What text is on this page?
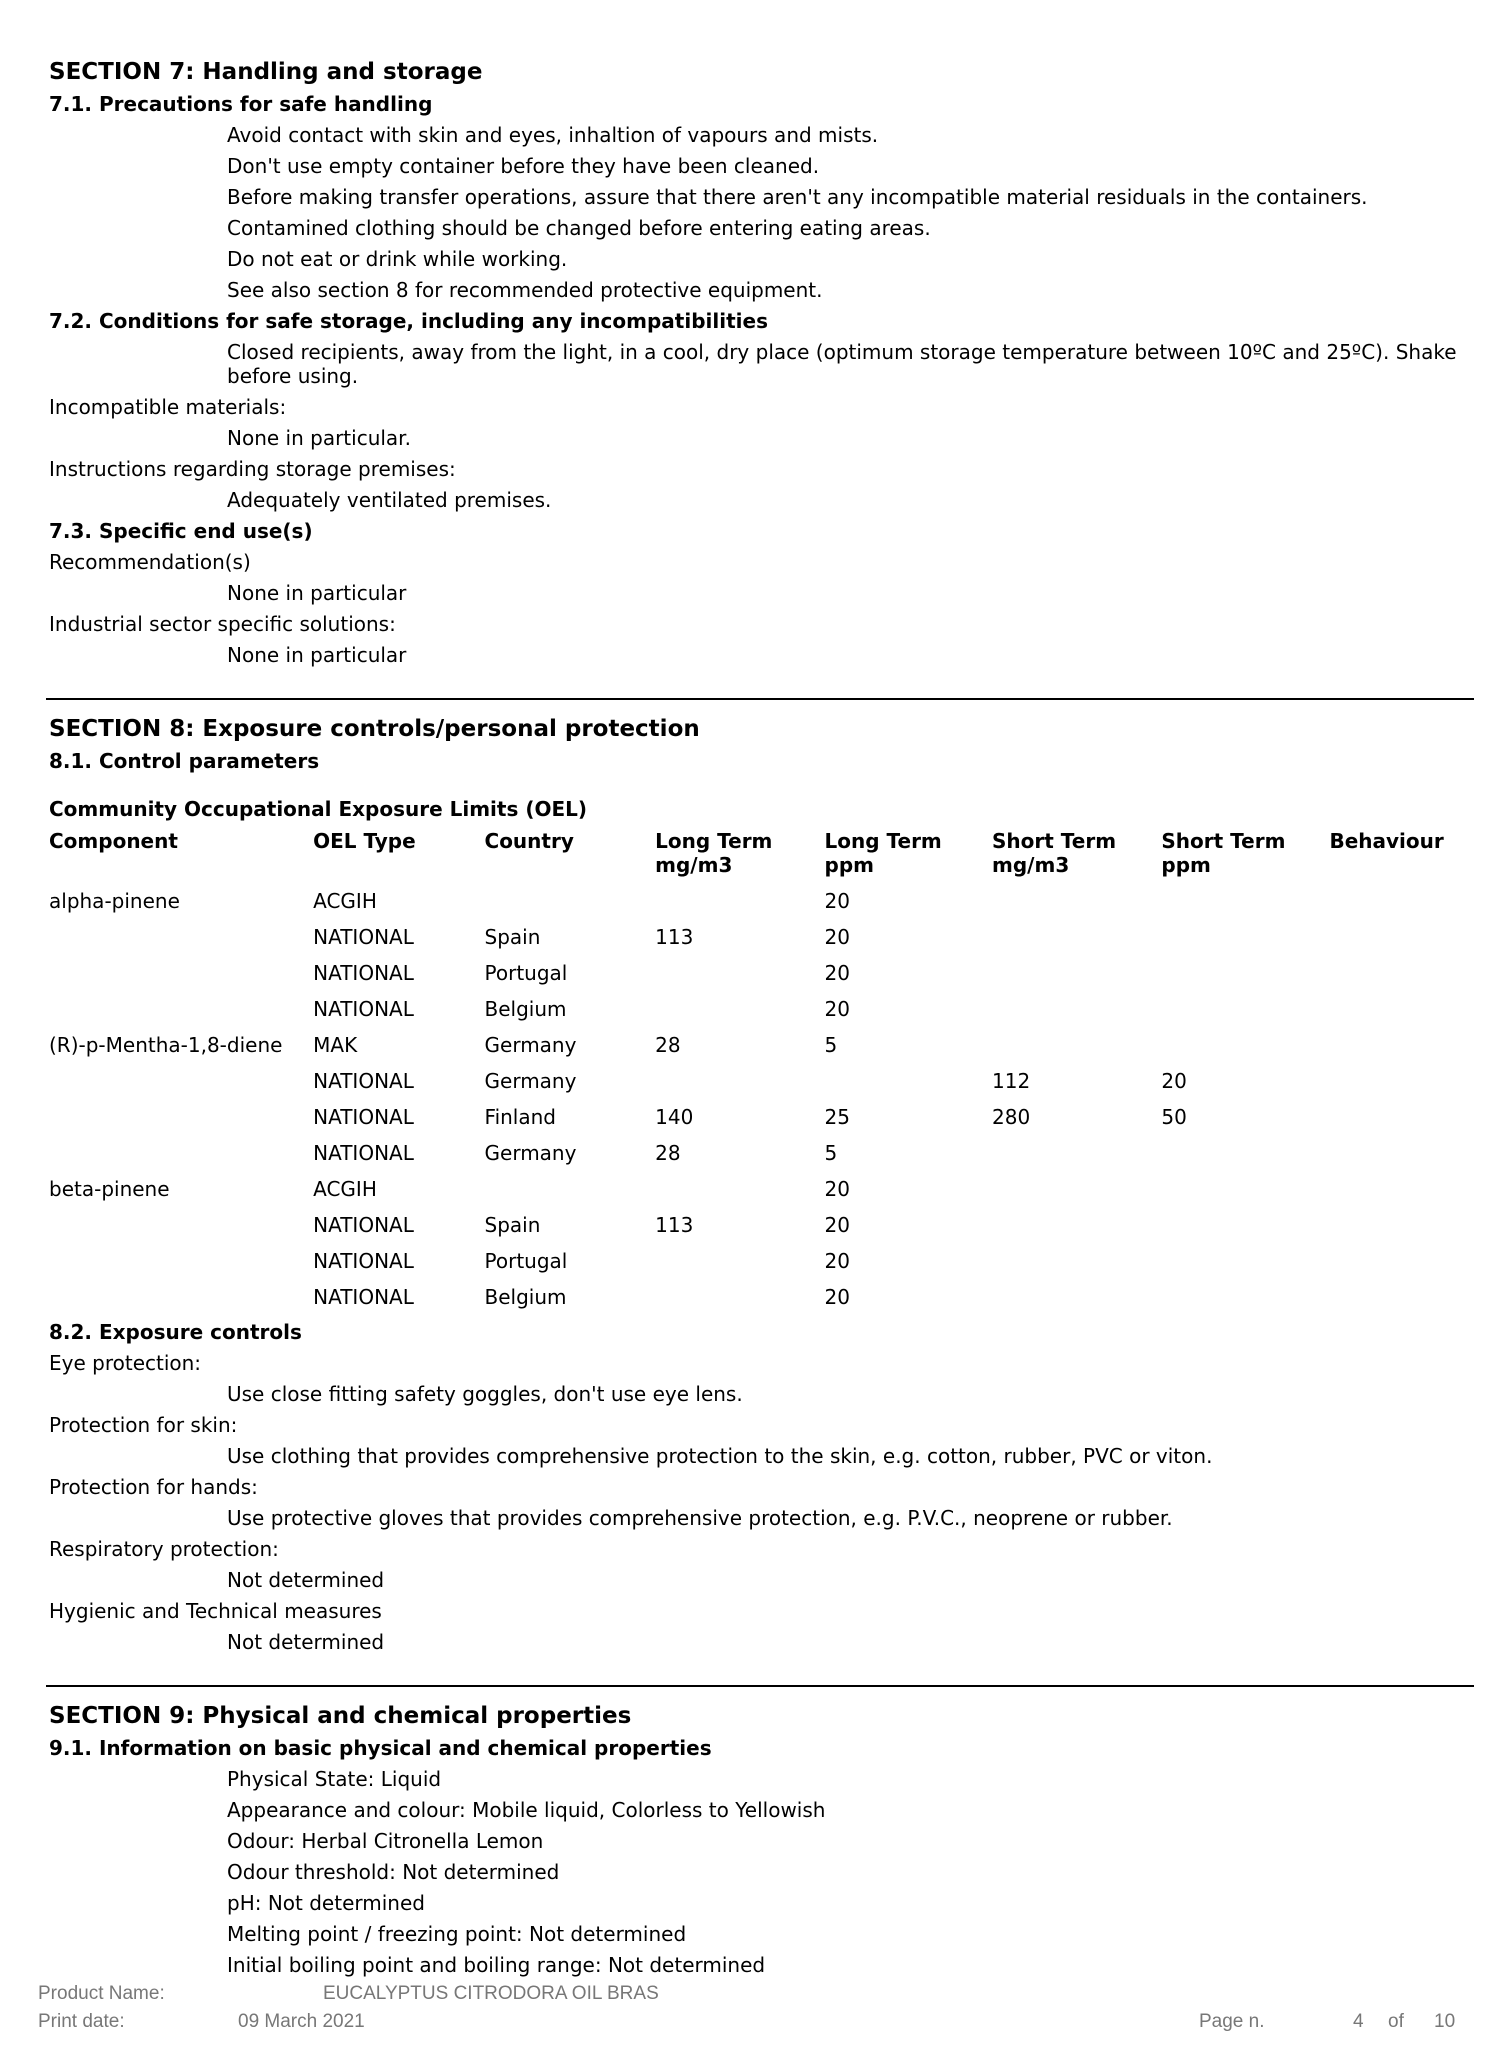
SECTION 7: Handling and storage
7.1. Precautions for safe handling
Avoid contact with skin and eyes, inhaltion of vapours and mists.
Don't use empty container before they have been cleaned.
Before making transfer operations, assure that there aren't any incompatible material residuals in the containers.
Contamined clothing should be changed before entering eating areas.
Do not eat or drink while working.
See also section 8 for recommended protective equipment.
7.2. Conditions for safe storage, including any incompatibilities
Closed recipients, away from the light, in a cool, dry place (optimum storage temperature between 10ºC and 25ºC). Shake before using.
Incompatible materials:
None in particular.
Instructions regarding storage premises:
Adequately ventilated premises.
7.3. Specific end use(s)
Recommendation(s)
None in particular
Industrial sector specific solutions:
None in particular
SECTION 8: Exposure controls/personal protection
8.1. Control parameters
Community Occupational Exposure Limits (OEL)
Component	OEL Type	Country	Long Term mg/m3	Long Term ppm	Short Term mg/m3	Short Term ppm	Behaviour
alpha-pinene	ACGIH			20			
	NATIONAL	Spain	113	20			
	NATIONAL	Portugal		20			
	NATIONAL	Belgium		20			
(R)-p-Mentha-1,8-diene	MAK	Germany	28	5			
	NATIONAL	Germany			112	20	
	NATIONAL	Finland	140	25	280	50	
	NATIONAL	Germany	28	5			
beta-pinene	ACGIH			20			
	NATIONAL	Spain	113	20			
	NATIONAL	Portugal		20			
	NATIONAL	Belgium		20			
8.2. Exposure controls
Eye protection:
Use close fitting safety goggles, don't use eye lens.
Protection for skin:
Use clothing that provides comprehensive protection to the skin, e.g. cotton, rubber, PVC or viton.
Protection for hands:
Use protective gloves that provides comprehensive protection, e.g. P.V.C., neoprene or rubber.
Respiratory protection:
Not determined
Hygienic and Technical measures
Not determined
SECTION 9: Physical and chemical properties
9.1. Information on basic physical and chemical properties
Physical State: Liquid
Appearance and colour: Mobile liquid, Colorless to Yellowish
Odour: Herbal Citronella Lemon
Odour threshold: Not determined
pH: Not determined
Melting point / freezing point: Not determined
Initial boiling point and boiling range: Not determined
Product Name:	EUCALYPTUS CITRODORA OIL BRAS
Print date:	09 March 2021	Page n.	4 of 10
